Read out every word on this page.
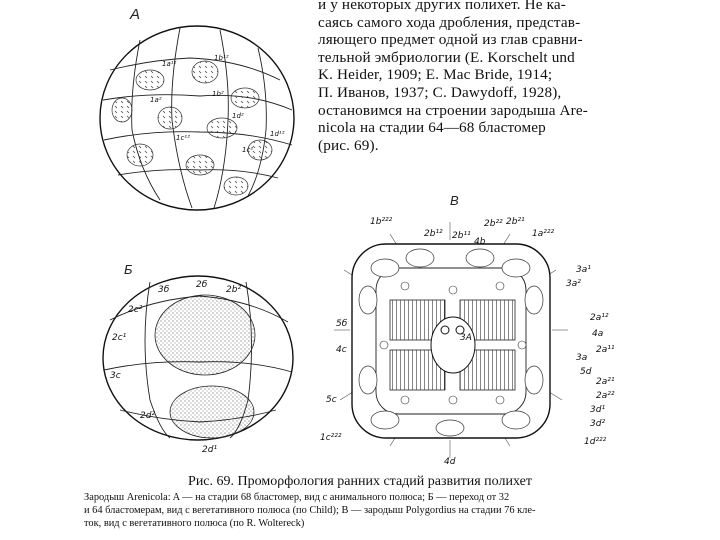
и у некоторых других полихет. Не ка-
саясь самого хода дробления, представ-
ляющего предмет одной из глав сравни-
тельной эмбриологии (E. Korschelt und
K. Heider, 1909; E. Mac Bride, 1914;
П. Иванов, 1937; C. Dawydoff, 1928),
остановимся на строении зародыша Are-
nicola на стадии 64—68 бластомер
(рис. 69).
1a¹²
1b¹²
1a²
1d²
1c¹²
1b²
1c²
1d¹²
3б	2б 2b²
2c²
2c¹
3c
2d²
2d¹
1b²²²
2b¹² 2b¹¹
2b²²
4b
2b²¹
1a²²²
3a²
3a¹
2a¹²
5б
4c
4a
3A
4d
5c
1c²²²
3a
5d
2a¹¹
2a²¹
2a²²
3d¹
3d²
1d²²²
A
B
Б
Рис. 69. Промορфология ранних стадий развития полихет
Зародыш Arenicola: A — на стадии 68 бластомер, вид с анимального полюса; Б — переход от 32
и 64 бластомерам, вид с вегетативного полюса (по Child); В — зародыш Polygordius на стадии 76 кле-
ток, вид с вегетативного полюса (по R. Woltereck)
